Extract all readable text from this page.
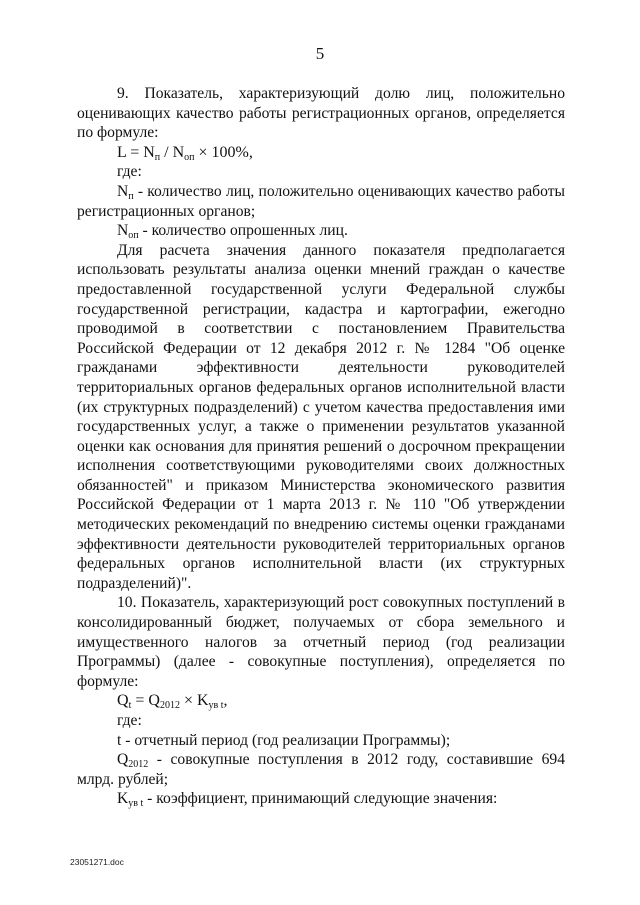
5

9. Показатель, характеризующий долю лиц, положительно оценивающих качество работы регистрационных органов, определяется по формуле:

$L = N_п / N_{оп} \times 100\%$,

где:

$N_п$ - количество лиц, положительно оценивающих качество работы регистрационных органов;

$N_{оп}$ - количество опрошенных лиц.

Для расчета значения данного показателя предполагается использовать результаты анализа оценки мнений граждан о качестве предоставленной государственной услуги Федеральной службы государственной регистрации, кадастра и картографии, ежегодно проводимой в соответствии с постановлением Правительства Российской Федерации от 12 декабря 2012 г. № 1284 "Об оценке гражданами эффективности деятельности руководителей территориальных органов федеральных органов исполнительной власти (их структурных подразделений) с учетом качества предоставления ими государственных услуг, а также о применении результатов указанной оценки как основания для принятия решений о досрочном прекращении исполнения соответствующими руководителями своих должностных обязанностей" и приказом Министерства экономического развития Российской Федерации от 1 марта 2013 г. № 110 "Об утверждении методических рекомендаций по внедрению системы оценки гражданами эффективности деятельности руководителей территориальных органов федеральных органов исполнительной власти (их структурных подразделений)".

10. Показатель, характеризующий рост совокупных поступлений в консолидированный бюджет, получаемых от сбора земельного и имущественного налогов за отчетный период (год реализации Программы) (далее - совокупные поступления), определяется по формуле:

$Q_t = Q_{2012} \times K_{ув t}$,

где:

t - отчетный период (год реализации Программы);

$Q_{2012}$ - совокупные поступления в 2012 году, составившие 694 млрд. рублей;

$K_{ув t}$ - коэффициент, принимающий следующие значения:

23051271.doc
